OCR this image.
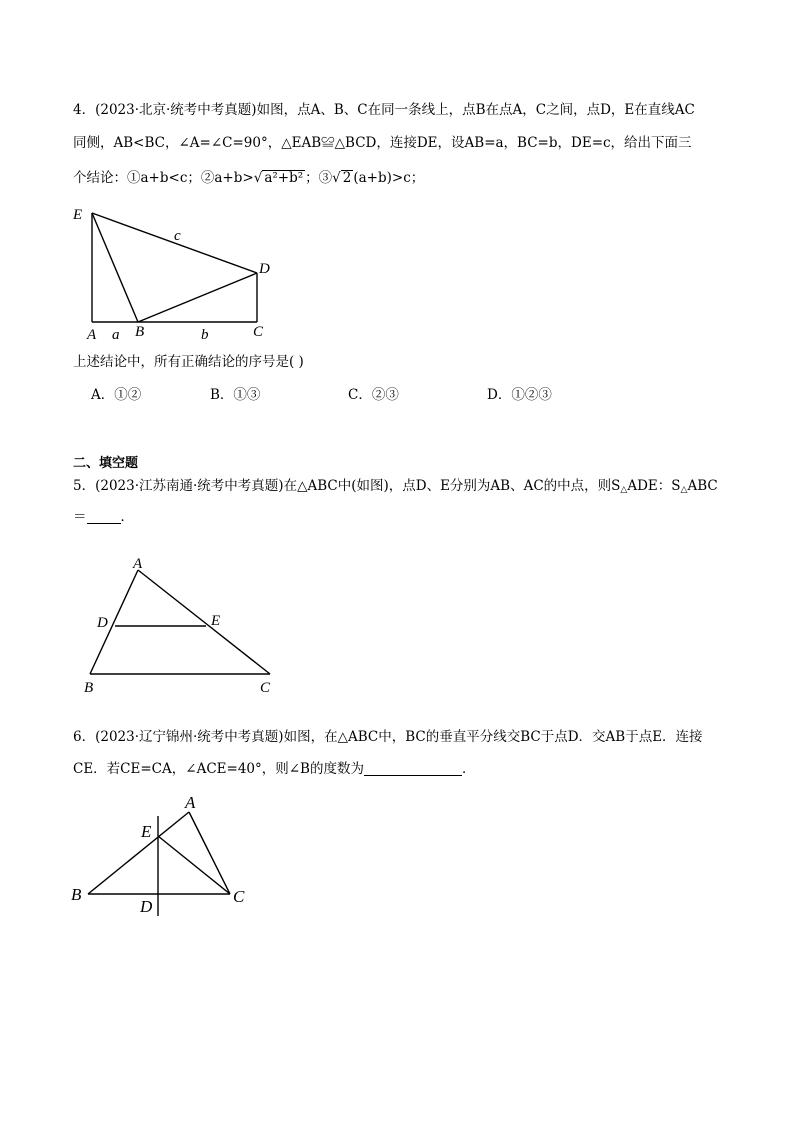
4．(2023·北京·统考中考真题)如图，点A、B、C在同一条线上，点B在点A，C之间，点D，E在直线AC
同侧，AB<BC，∠A=∠C=90°，△EAB≌△BCD，连接DE，设AB=a，BC=b，DE=c，给出下面三
个结论：①a+b<c；②a+b>√ a²+b² ；③√ 2 (a+b)>c；
E
D
A a B	b	C
c
上述结论中，所有正确结论的序号是( )
A．①②	B．①③	C．②③	D．①②③
二、填空题
5．(2023·江苏南通·统考中考真题)在△ABC中(如图)，点D、E分别为AB、AC的中点，则$S_\triangle ADE$：$S_\triangle ABC$
＝	．
A
D	E
B	C
6．(2023·辽宁锦州·统考中考真题)如图，在△ABC中，BC的垂直平分线交BC于点D．交AB于点E．连接
CE．若CE=CA，∠ACE=40°，则∠B的度数为	．
A
E
B
D
C
